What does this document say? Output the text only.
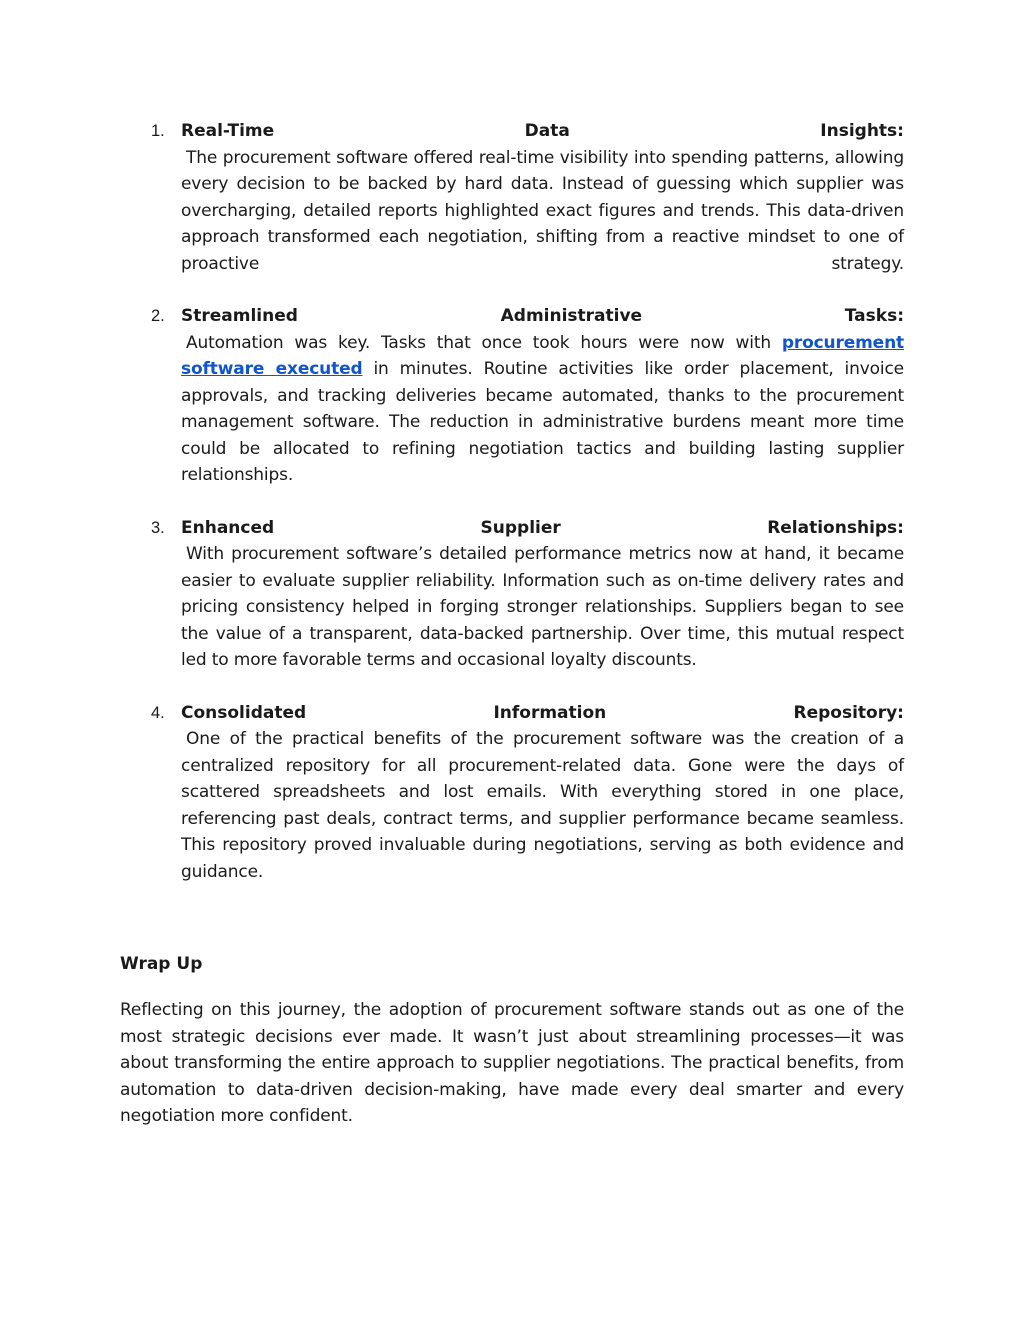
1. Real-Time	Data	Insights:
The procurement software offered real-time visibility into spending patterns, allowing every decision to be backed by hard data. Instead of guessing which supplier was overcharging, detailed reports highlighted exact figures and trends. This data-driven approach transformed each negotiation, shifting from a reactive mindset to one of proactive strategy.
2. Streamlined	Administrative	Tasks:
Automation was key. Tasks that once took hours were now with procurement software executed in minutes. Routine activities like order placement, invoice approvals, and tracking deliveries became automated, thanks to the procurement management software. The reduction in administrative burdens meant more time could be allocated to refining negotiation tactics and building lasting supplier relationships.
3. Enhanced	Supplier	Relationships:
With procurement software’s detailed performance metrics now at hand, it became easier to evaluate supplier reliability. Information such as on-time delivery rates and pricing consistency helped in forging stronger relationships. Suppliers began to see the value of a transparent, data-backed partnership. Over time, this mutual respect led to more favorable terms and occasional loyalty discounts.
4. Consolidated	Information	Repository:
One of the practical benefits of the procurement software was the creation of a centralized repository for all procurement-related data. Gone were the days of scattered spreadsheets and lost emails. With everything stored in one place, referencing past deals, contract terms, and supplier performance became seamless. This repository proved invaluable during negotiations, serving as both evidence and guidance.
Wrap Up

Reflecting on this journey, the adoption of procurement software stands out as one of the most strategic decisions ever made. It wasn’t just about streamlining processes—it was about transforming the entire approach to supplier negotiations. The practical benefits, from automation to data-driven decision-making, have made every deal smarter and every negotiation more confident.
